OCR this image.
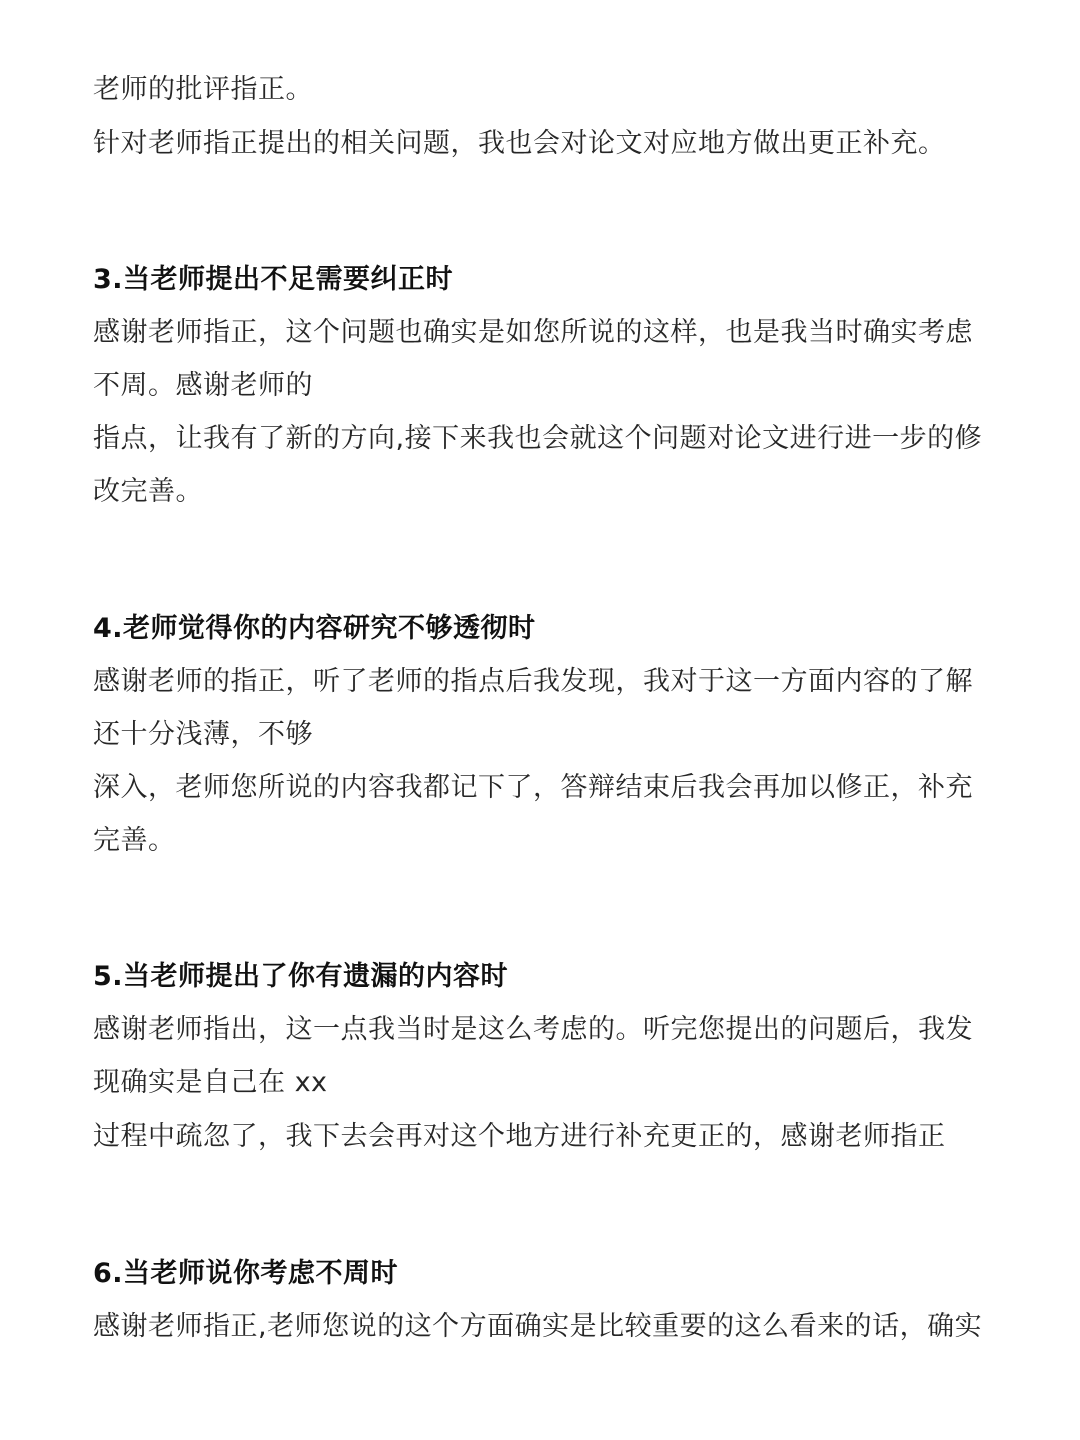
老师的批评指正。

针对老师指正提出的相关问题，我也会对论文对应地方做出更正补充。

3.当老师提出不足需要纠正时

感谢老师指正，这个问题也确实是如您所说的这样，也是我当时确实考虑

不周。感谢老师的

指点，让我有了新的方向,接下来我也会就这个问题对论文进行进一步的修

改完善。

4.老师觉得你的内容研究不够透彻时

感谢老师的指正，听了老师的指点后我发现，我对于这一方面内容的了解

还十分浅薄，不够

深入，老师您所说的内容我都记下了，答辩结束后我会再加以修正，补充

完善。

5.当老师提出了你有遗漏的内容时

感谢老师指出，这一点我当时是这么考虑的。听完您提出的问题后，我发

现确实是自己在 xx

过程中疏忽了，我下去会再对这个地方进行补充更正的，感谢老师指正

6.当老师说你考虑不周时

感谢老师指正,老师您说的这个方面确实是比较重要的这么看来的话，确实
